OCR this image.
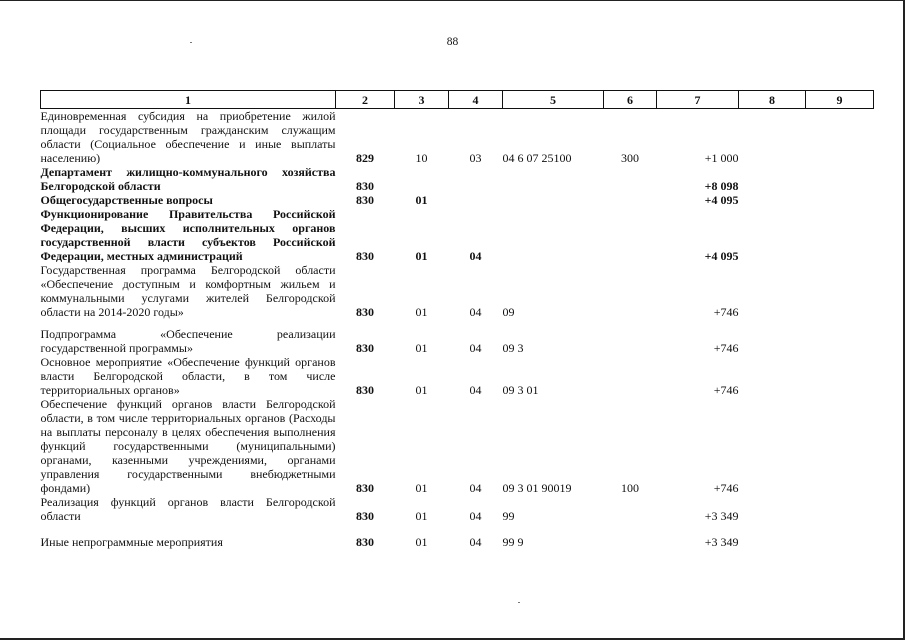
88
1	2	3	4	5	6	7	8	9
Единовременная субсидия на приобретение жилой площади государственным гражданским служащим области (Социальное обеспечение и иные выплаты населению)	829	10	03	04 6 07 25100	300	+1 000		
Департамент жилищно-коммунального хозяйства Белгородской области	830					+8 098		
Общегосударственные вопросы	830	01				+4 095		
Функционирование Правительства Российской Федерации, высших исполнительных органов государственной власти субъектов Российской Федерации, местных администраций	830	01	04			+4 095		
Государственная программа Белгородской области «Обеспечение доступным и комфортным жильем и коммунальными услугами жителей Белгородской области на 2014-2020 годы»	830	01	04	09		+746		
Подпрограмма «Обеспечение реализации государственной программы»	830	01	04	09 3		+746		
Основное мероприятие «Обеспечение функций органов власти Белгородской области, в том числе территориальных органов»	830	01	04	09 3 01		+746		
Обеспечение функций органов власти Белгородской области, в том числе территориальных органов (Расходы на выплаты персоналу в целях обеспечения выполнения функций государственными (муниципальными) органами, казенными учреждениями, органами управления государственными внебюджетными фондами)	830	01	04	09 3 01 90019	100	+746		
Реализация функций органов власти Белгородской области	830	01	04	99		+3 349		
Иные непрограммные мероприятия	830	01	04	99 9		+3 349		
